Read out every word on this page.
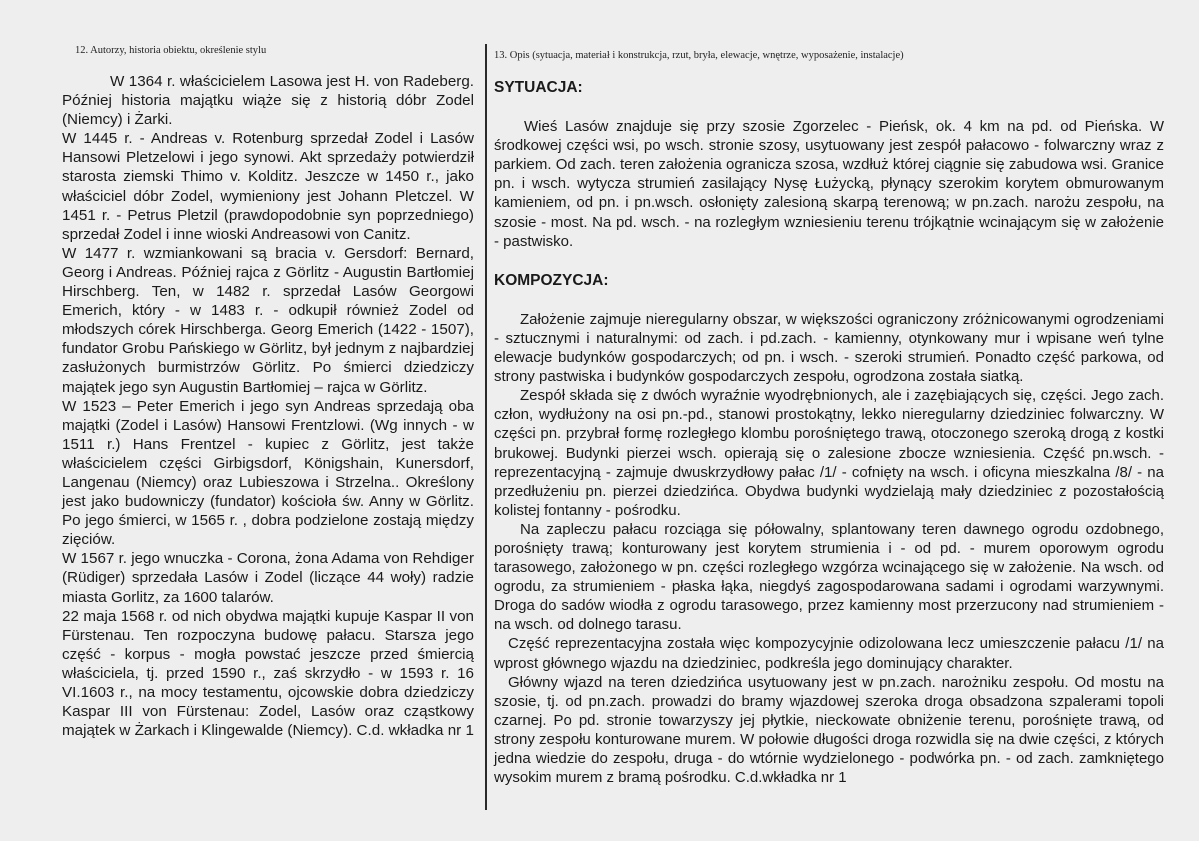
12. Autorzy, historia obiektu, określenie stylu	13. Opis (sytuacja, materiał i konstrukcja, rzut, bryła, elewacje, wnętrze, wyposażenie, instalacje)

W 1364 r. właścicielem Lasowa jest H. von Radeberg. Później historia majątku wiąże się z historią dóbr Zodel (Niemcy) i Żarki.

W 1445 r. - Andreas v. Rotenburg sprzedał Zodel i Lasów Hansowi Pletzelowi i jego synowi. Akt sprzedaży potwierdził starosta ziemski Thimo v. Kolditz. Jeszcze w 1450 r., jako właściciel dóbr Zodel, wymieniony jest Johann Pletczel. W 1451 r. - Petrus Pletzil (prawdopodobnie syn poprzedniego) sprzedał Zodel i inne wioski Andreasowi von Canitz.

W 1477 r. wzmiankowani są bracia v. Gersdorf: Bernard, Georg i Andreas. Później rajca z Görlitz - Augustin Bartłomiej Hirschberg. Ten, w 1482 r. sprzedał Lasów Georgowi Emerich, który - w 1483 r. - odkupił również Zodel od młodszych córek Hirschberga. Georg Emerich (1422 - 1507), fundator Grobu Pańskiego w Görlitz, był jednym z najbardziej zasłużonych burmistrzów Görlitz. Po śmierci dziedziczy majątek jego syn Augustin Bartłomiej – rajca w Görlitz.

W 1523 – Peter Emerich i jego syn Andreas sprzedają oba majątki (Zodel i Lasów) Hansowi Frentzlowi. (Wg innych - w 1511 r.) Hans Frentzel - kupiec z Görlitz, jest także właścicielem części Girbigsdorf, Königshain, Kunersdorf, Langenau (Niemcy) oraz Lubieszowa i Strzelna.. Określony jest jako budowniczy (fundator) kościoła św. Anny w Görlitz. Po jego śmierci, w 1565 r. , dobra podzielone zostają między zięciów.

W 1567 r. jego wnuczka - Corona, żona Adama von Rehdiger (Rüdiger) sprzedała Lasów i Zodel (liczące 44 woły) radzie miasta Gorlitz, za 1600 talarów.

22 maja 1568 r. od nich obydwa majątki kupuje Kaspar II von Fürstenau. Ten rozpoczyna budowę pałacu. Starsza jego część - korpus - mogła powstać jeszcze przed śmiercią właściciela, tj. przed 1590 r., zaś skrzydło - w 1593 r. 16 VI.1603 r., na mocy testamentu, ojcowskie dobra dziedziczy Kaspar III von Fürstenau: Zodel, Lasów oraz cząstkowy majątek w Żarkach i Klingewalde (Niemcy). C.d. wkładka nr 1

SYTUACJA:

Wieś Lasów znajduje się przy szosie Zgorzelec - Pieńsk, ok. 4 km na pd. od Pieńska. W środkowej części wsi, po wsch. stronie szosy, usytuowany jest zespół pałacowo - folwarczny wraz z parkiem. Od zach. teren założenia ogranicza szosa, wzdłuż której ciągnie się zabudowa wsi. Granice pn. i wsch. wytycza strumień zasilający Nysę Łużycką, płynący szerokim korytem obmurowanym kamieniem, od pn. i pn.wsch. osłonięty zalesioną skarpą terenową; w pn.zach. narożu zespołu, na szosie - most. Na pd. wsch. - na rozległym wzniesieniu terenu trójkątnie wcinającym się w założenie - pastwisko.

KOMPOZYCJA:

Założenie zajmuje nieregularny obszar, w większości ograniczony zróżnicowanymi ogrodzeniami - sztucznymi i naturalnymi: od zach. i pd.zach. - kamienny, otynkowany mur i wpisane weń tylne elewacje budynków gospodarczych; od pn. i wsch. - szeroki strumień. Ponadto część parkowa, od strony pastwiska i budynków gospodarczych zespołu, ogrodzona została siatką.

Zespół składa się z dwóch wyraźnie wyodrębnionych, ale i zazębiających się, części. Jego zach. człon, wydłużony na osi pn.-pd., stanowi prostokątny, lekko nieregularny dziedziniec folwarczny. W części pn. przybrał formę rozległego klombu porośniętego trawą, otoczonego szeroką drogą z kostki brukowej. Budynki pierzei wsch. opierają się o zalesione zbocze wzniesienia. Część pn.wsch. - reprezentacyjną - zajmuje dwuskrzydłowy pałac /1/ - cofnięty na wsch. i oficyna mieszkalna /8/ - na przedłużeniu pn. pierzei dziedzińca. Obydwa budynki wydzielają mały dziedziniec z pozostałością kolistej fontanny - pośrodku.

Na zapleczu pałacu rozciąga się półowalny, splantowany teren dawnego ogrodu ozdobnego, porośnięty trawą; konturowany jest korytem strumienia i - od pd. - murem oporowym ogrodu tarasowego, założonego w pn. części rozległego wzgórza wcinającego się w założenie. Na wsch. od ogrodu, za strumieniem - płaska łąka, niegdyś zagospodarowana sadami i ogrodami warzywnymi. Droga do sadów wiodła z ogrodu tarasowego, przez kamienny most przerzucony nad strumieniem - na wsch. od dolnego tarasu.

Część reprezentacyjna została więc kompozycyjnie odizolowana lecz umieszczenie pałacu /1/ na wprost głównego wjazdu na dziedziniec, podkreśla jego dominujący charakter.

Główny wjazd na teren dziedzińca usytuowany jest w pn.zach. narożniku zespołu. Od mostu na szosie, tj. od pn.zach. prowadzi do bramy wjazdowej szeroka droga obsadzona szpalerami topoli czarnej. Po pd. stronie towarzyszy jej płytkie, nieckowate obniżenie terenu, porośnięte trawą, od strony zespołu konturowane murem. W połowie długości droga rozwidla się na dwie części, z których jedna wiedzie do zespołu, druga - do wtórnie wydzielonego - podwórka pn. - od zach. zamkniętego wysokim murem z bramą pośrodku. C.d.wkładka nr 1
